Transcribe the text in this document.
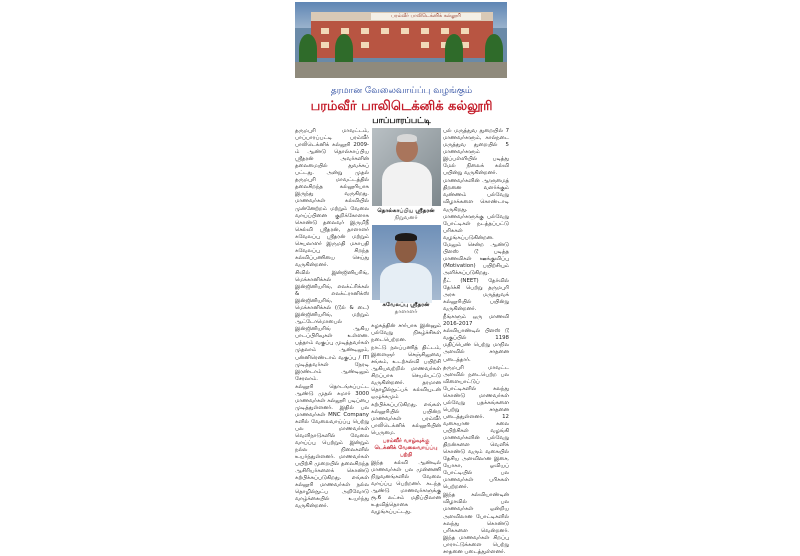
பரம்வீர் பாலிடெக்னிக் கல்லூரி
தரமான வேலைவாய்ப்பு வழங்கும்
பரம்வீர் பாலிடெக்னிக் கல்லூரி
பாப்பாரப்பட்டி

தருமபுரி மாவட்டம், பாப்பாரப்பட்டி பரம்வீர் பாலிடெக்னிக் கல்லூரி 2009-ம் ஆண்டு தொல்காப்பிய ஸ்ரீதரன் அவர்களின் தலைமையில் துவக்கப் பட்டது. அன்று முதல் தருமபுரி மாவட்டத்தில் தலைசிறந்த கல்லூரியாக இருந்து வருகிறது. மாணவர்கள் கல்வியில் முன்னேற்றம் மற்றும் வேலை வாய்ப்பினை குறிக்கோளாக கொண்டு தலைவர் இருமிநீ செல்வி ஸ்ரீதரன், தாளாளர் கவேலப்பு ஸ்ரீதரன் மற்றும் செயலாளர் இருமதி மகாபதி கவேலப்பு சிறந்த கல்விப்பணியை செய்து வருகின்றனர்.

சிவில் இன்ஜினியரிங், மெக்கானிக்கல் இன்ஜினியரிங், எலக்ட்ரிக்கல் & எலக்ட்ரானிக்ஸ் இன்ஜினியரிங், மெக்கானிக்கல் (டூல் & டை) இன்ஜினியரிங், மற்றும் ஆட்டோமொபைல் இன்ஜினியரிங் ஆகிய பாடப்பிரிவுகள் உள்ளன. பத்தாம் வகுப்பு முடித்தவர்கள் முதலாம் ஆண்டிலும், பன்னிரெண்டாம் வகுப்பு / ITI முடித்தவர்கள் நேரடி இரண்டாம் ஆண்டிலும் சேரலாம்.

கல்லூரி தொடங்கப்பட்ட ஆண்டு முதல் சுமார் 3000 மாணவர்கள் கல்லூரி படிப்பை முடித்துள்ளனர். இதில் பல மாணவர்கள் MNC Company களில் வேலைவாய்ப்பு பெற்று பல மாணவர்கள் வெளிநாடுகளில் வேலை வாய்ப்பு பெற்றும் இன்றும் நல்ல நிலைகளில் உயர்ந்துள்ளனர். மாணவர்கள் பயிற்சி முறையில் தலைசிறந்த ஆசிரியர்களைக் கொண்டு கற்பிக்கப்படுகிறது. எங்கள் கல்லூரி மாணவர்கள் நல்ல தொழில்நுட்ப அறிவோடு வாழ்க்கையில் உயர்ந்து வருகின்றனர்.

தொல்காப்பிய ஸ்ரீதரன்
நிறுவனர்
கவேலப்பு ஸ்ரீதரன்
தாளாளர்

கழகத்தின் சார்பாக இன்னும் பல்வேறு நிகழ்ச்சிகள் நடைபெற்றன.

நாட்டு நலப்பணித் திட்டம், இளைஞர் செஞ்சிலுவை சங்கம், உடற்கல்வி பயிற்சி ஆகியவற்றில் மாணவர்கள் சிறப்பாக செயல்பட்டு வருகின்றனர். தரமான தொழில்நுட்பக் கல்வியுடன் ஒழுக்கமும் கற்பிக்கப்படுகிறது. எங்கள் கல்லூரியில் பயின்ற மாணவர்கள் பரம்வீர் பாலிடெக்னிக் கல்லூரியின் பெருமை.

பரம்வீர் வாழ்வுக்கு டெக்னிக் வேலைவாய்ப்பு பற்றி

இந்த கல்வி ஆண்டில் மாணவர்கள் பல முன்னணி நிறுவனங்களில் வேலை வாய்ப்பு பெற்றனர். கடந்த ஆண்டு மாணவர்களுக்கு ரூ.6 லட்சம் மதிப்பிலான உதவித்தொகை வழங்கப்பட்டது.

பல் மருத்துவ துறையில் 7 மாணவர்களும், கால்நடை மருத்துவ துறையில் 5 மாணவர்களும் இப்பள்ளியில் படித்து மேல் நிலைக் கல்வி பயின்று வருகின்றனர்.

மாணவர்களின் ஆளுமைத் திறனை வளர்க்கும் வண்ணம் பல்வேறு விழாக்களை கொண்டாடி வருகிறது. மாணவர்களுக்கு பல்வேறு போட்டிகள் நடத்தப்பட்டு பரிசுகள் வழங்கப்படுகின்றன. மேலும் சென்ற ஆண்டு பிளஸ் டூ படித்த மாணவிகள் ஊக்குவிப்பு (Motivation) பயிற்சியும் அளிக்கப்படுகிறது.

நீட் (NEET) தேர்வில் தேர்ச்சி பெற்று தருமபுரி அரசு மருத்துவக் கல்லூரியில் பயின்று வருகின்றனர்.

நீங்களும் ஒரு மாணவி 2016-2017 கல்வியாண்டில் பிளஸ் டூ வகுப்பில் 1198 மதிப்பெண் பெற்று மாநில அளவில் சாதனை படைத்தார்.

தருமபுரி மாவட்ட அளவில் நடைபெற்ற பல விளையாட்டுப் போட்டிகளில் கலந்து கொண்டு மாணவர்கள் பல்வேறு பதக்கங்களை பெற்று சாதனை படைத்துள்ளனர். 12 வகையான கலை பயிற்சிகள் வழங்கி மாணவர்களின் பல்வேறு திறன்களை வெளிக் கொண்டு வரும் வகையில் தேசிய அளவிலான இசை, யோகா, ஓவியப் போட்டியில் பல மாணவர்கள் பரிசுகள் பெற்றனர்.

இந்த கல்வியாண்டின் விழாவில் பல மாணவர்கள் ஒன்றிய அளவிலான போட்டிகளில் கலந்து கொண்டு பரிசுகளை வென்றனர். இந்த மாணவர்கள் சிறப்பு பாராட்டுக்களை பெற்று சாதனை படைத்துள்ளனர்.
